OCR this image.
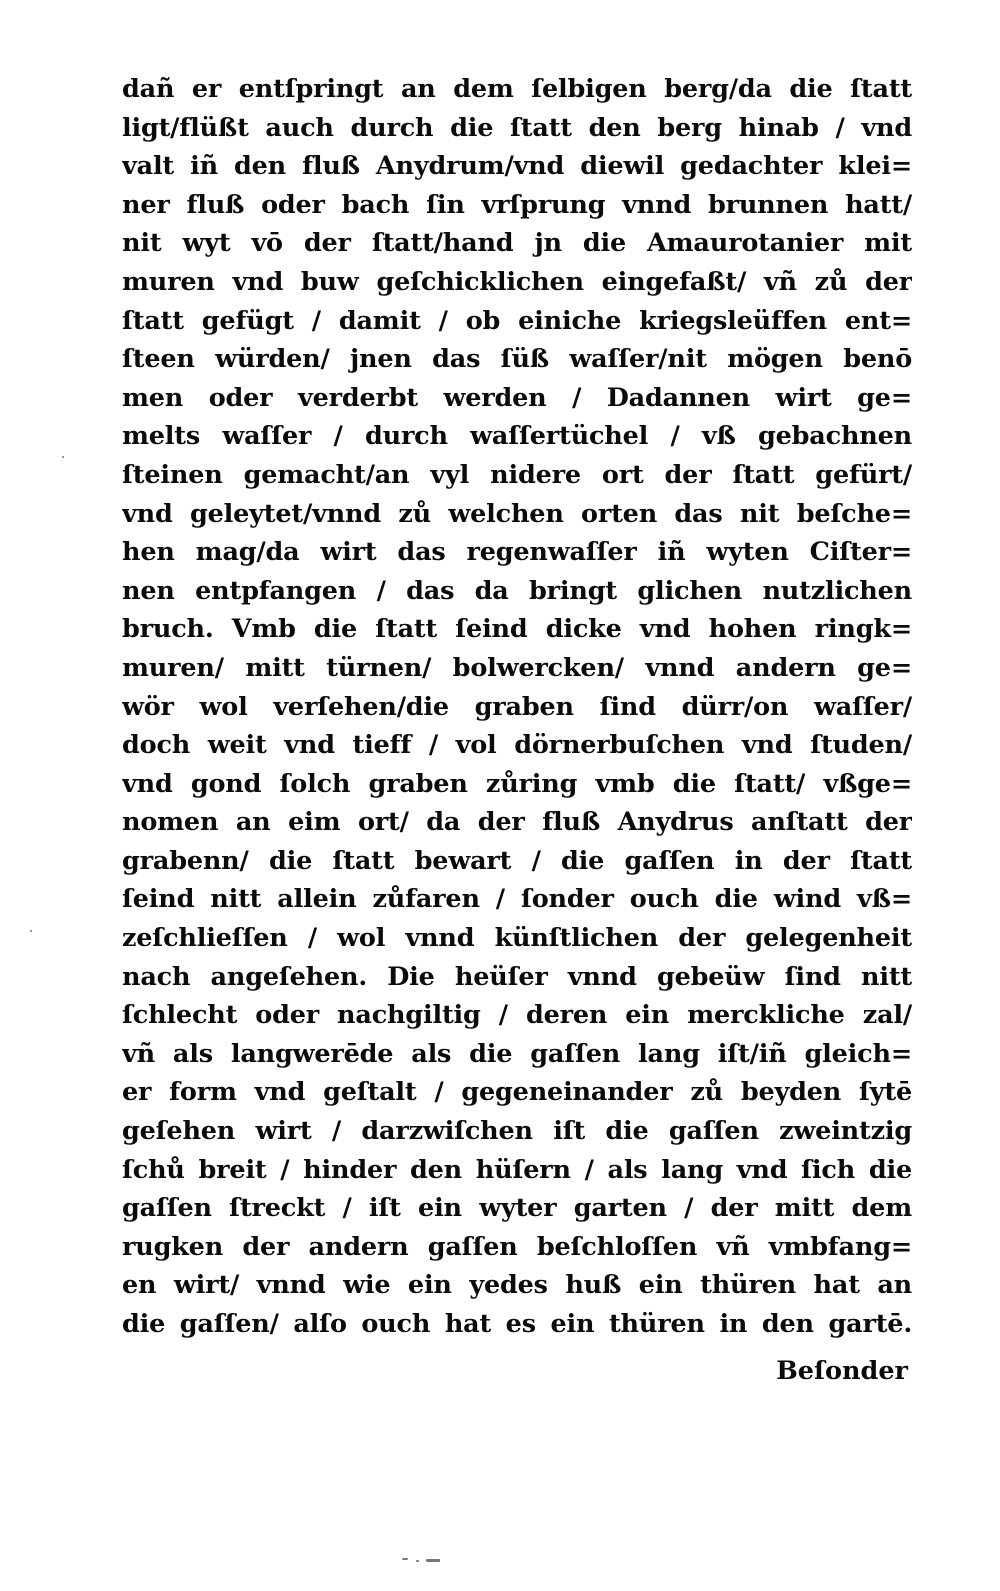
dañ er entſpringt an dem ſelbigen berg/da die ſtatt
ligt/flüßt auch durch die ſtatt den berg hinab / vnd
valt iñ den fluß Anydrum/vnd diewil gedachter klei=
ner fluß oder bach ſin vrſprung vnnd brunnen hatt/
nit wyt vō der ſtatt/hand jn die Amaurotanier mit
muren vnd buw geſchicklichen eingefaßt/ vñ zů der
ſtatt gefügt / damit / ob einiche kriegsleüffen ent=
ſteen würden/ jnen das ſüß waſſer/nit mögen benō
men oder verderbt werden / Dadannen wirt ge=
melts waſſer / durch waſſertüchel / vß gebachnen
ſteinen gemacht/an vyl nidere ort der ſtatt gefürt/
vnd geleytet/vnnd zů welchen orten das nit beſche=
hen mag/da wirt das regenwaſſer iñ wyten Ciſter=
nen entpfangen / das da bringt glichen nutzlichen
bruch. Vmb die ſtatt ſeind dicke vnd hohen ringk=
muren/ mitt türnen/ bolwercken/ vnnd andern ge=
wör wol verſehen/die graben ſind dürr/on waſſer/
doch weit vnd tieff / vol dörnerbuſchen vnd ſtuden/
vnd gond ſolch graben zůring vmb die ſtatt/ vßge=
nomen an eim ort/ da der fluß Anydrus anſtatt der
grabenn/ die ſtatt bewart / die gaſſen in der ſtatt
ſeind nitt allein zůfaren / ſonder ouch die wind vß=
zeſchlieſſen / wol vnnd künſtlichen der gelegenheit
nach angeſehen. Die heüſer vnnd gebeüw ſind nitt
ſchlecht oder nachgiltig / deren ein merckliche zal/
vñ als langwerēde als die gaſſen lang iſt/iñ gleich=
er form vnd geſtalt / gegeneinander zů beyden ſytē
geſehen wirt / darzwiſchen iſt die gaſſen zweintzig
ſchů breit / hinder den hüſern / als lang vnd ſich die
gaſſen ſtreckt / iſt ein wyter garten / der mitt dem
rugken der andern gaſſen beſchloſſen vñ vmbfang=
en wirt/ vnnd wie ein yedes huß ein thüren hat an
die gaſſen/ alſo ouch hat es ein thüren in den gartē.
Beſonder
